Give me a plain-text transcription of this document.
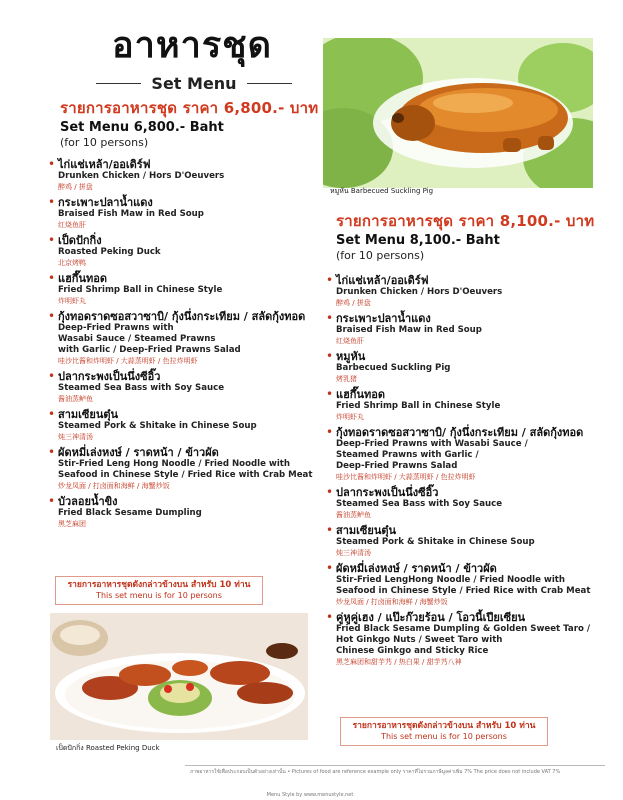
อาหารชุด
Set Menu
รายการอาหารชุด ราคา 6,800.- บาท
Set Menu 6,800.- Baht
(for 10 persons)
• ไก่แช่เหล้า/ออเดิร์ฟ
Drunken Chicken / Hors D'Oeuvers
醉鸡 / 拼盘
• กระเพาะปลาน้ำแดง
Braised Fish Maw in Red Soup
红烧鱼肝
• เป็ดปักกิ่ง
Roasted Peking Duck
北京烤鸭
• แฮกึ๊นทอด
Fried Shrimp Ball in Chinese Style
炸明虾丸
• กุ้งทอดราดซอสวาซาบิ/ กุ้งนึ่งกระเทียม / สลัดกุ้งทอด
Deep-Fried Prawns with
Wasabi Sauce / Steamed Prawns
with Garlic / Deep-Fried Prawns Salad
哇沙比酱和炸明虾 / 大蒜蒸明虾 / 色拉炸明虾
• ปลากระพงเป็นนึ่งซีอิ๊ว
Steamed Sea Bass with Soy Sauce
酱油蒸鲈鱼
• สามเซียนตุ๋น
Steamed Pork & Shitake in Chinese Soup
炖三神清汤
• ผัดหมี่เล่งหงษ์ / ราดหน้า / ข้าวผัด
Stir-Fried Leng Hong Noodle / Fried Noodle with
Seafood in Chinese Style / Fried Rice with Crab Meat
炒龙凤面 / 打卤面和海鲜 / 海蟹炒饭
• บัวลอยน้ำขิง
Fried Black Sesame Dumpling
黑芝麻团
รายการอาหารชุดดังกล่าวข้างบน สำหรับ 10 ท่าน
This set menu is for 10 persons
หมูหัน Barbecued Suckling Pig
รายการอาหารชุด ราคา 8,100.- บาท
Set Menu 8,100.- Baht
(for 10 persons)
• ไก่แช่เหล้า/ออเดิร์ฟ
Drunken Chicken / Hors D'Oeuvers
醉鸡 / 拼盘
• กระเพาะปลาน้ำแดง
Braised Fish Maw in Red Soup
红烧鱼肝
• หมูหัน
Barbecued Suckling Pig
烤乳猪
• แฮกึ๊นทอด
Fried Shrimp Ball in Chinese Style
炸明虾丸
• กุ้งทอดราดซอสวาซาบิ/ กุ้งนึ่งกระเทียม / สลัดกุ้งทอด
Deep-Fried Prawns with Wasabi Sauce /
Steamed Prawns with Garlic /
Deep-Fried Prawns Salad
哇沙比酱和炸明虾 / 大蒜蒸明虾 / 色拉炸明虾
• ปลากระพงเป็นนึ่งซีอิ๊ว
Steamed Sea Bass with Soy Sauce
酱油蒸鲈鱼
• สามเซียนตุ๋น
Steamed Pork & Shitake in Chinese Soup
炖三神清汤
• ผัดหมี่เล่งหงษ์ / ราดหน้า / ข้าวผัด
Stir-Fried LengHong Noodle / Fried Noodle with
Seafood in Chinese Style / Fried Rice with Crab Meat
炒龙凤面 / 打卤面和海鲜 / 海蟹炒饭
• คู่หูคู่เฮง / แป๊ะก๊วยร้อน / โอวนี้เปียเซียน
Fried Black Sesame Dumpling & Golden Sweet Taro /
Hot Ginkgo Nuts / Sweet Taro with
Chinese Ginkgo and Sticky Rice
黑芝麻团和甜芋艿 / 热白果 / 甜芋艿八神
รายการอาหารชุดดังกล่าวข้างบน สำหรับ 10 ท่าน
This set menu is for 10 persons
เป็ดปักกิ่ง Roasted Peking Duck
ภาพอาหารใช้เพื่อประกอบเป็นตัวอย่างเท่านั้น • Pictures of food are reference example only ราคาที่ไม่รวมภาษีมูลค่าเพิ่ม 7% The price does not include VAT 7%
Menu Style by www.menustyle.net
